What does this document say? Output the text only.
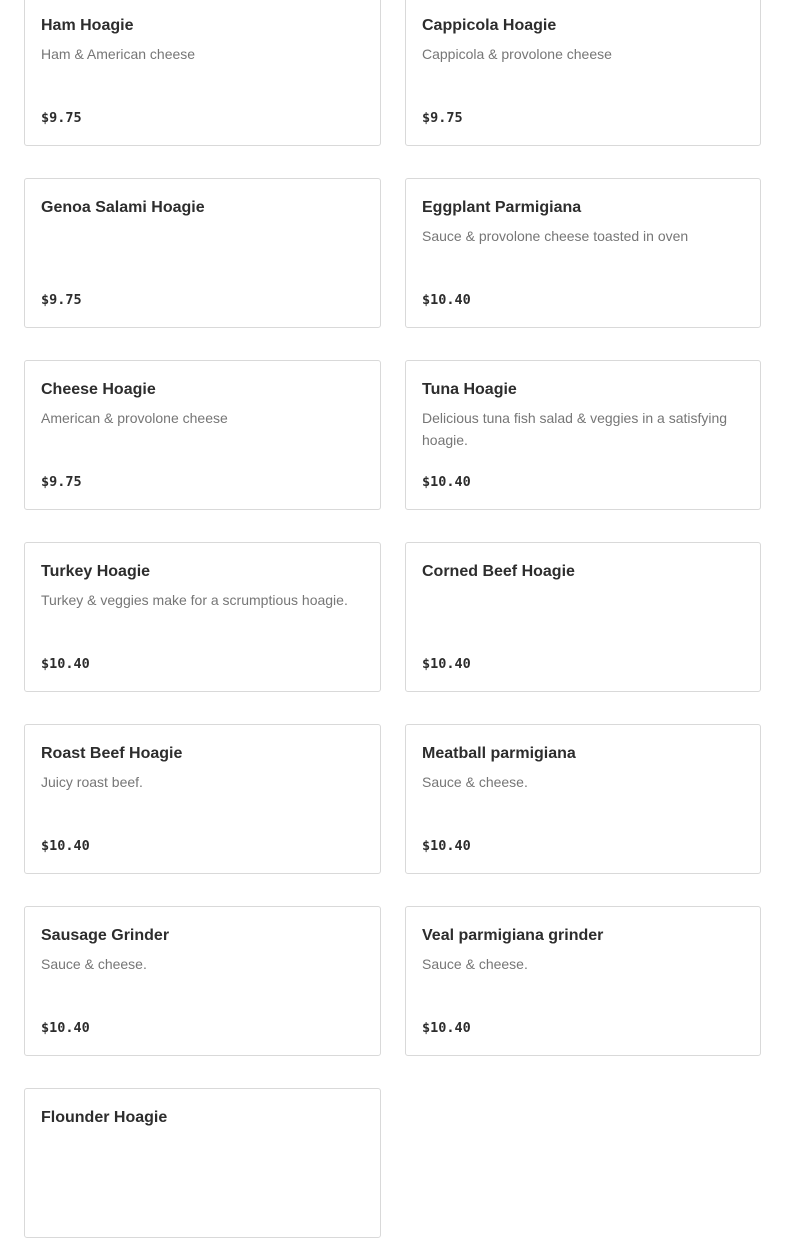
Ham Hoagie
Ham & American cheese
$9.75
Cappicola Hoagie
Cappicola & provolone cheese
$9.75
Genoa Salami Hoagie
$9.75
Eggplant Parmigiana
Sauce & provolone cheese toasted in oven
$10.40
Cheese Hoagie
American & provolone cheese
$9.75
Tuna Hoagie
Delicious tuna fish salad & veggies in a satisfying hoagie.
$10.40
Turkey Hoagie
Turkey & veggies make for a scrumptious hoagie.
$10.40
Corned Beef Hoagie
$10.40
Roast Beef Hoagie
Juicy roast beef.
$10.40
Meatball parmigiana
Sauce & cheese.
$10.40
Sausage Grinder
Sauce & cheese.
$10.40
Veal parmigiana grinder
Sauce & cheese.
$10.40
Flounder Hoagie
